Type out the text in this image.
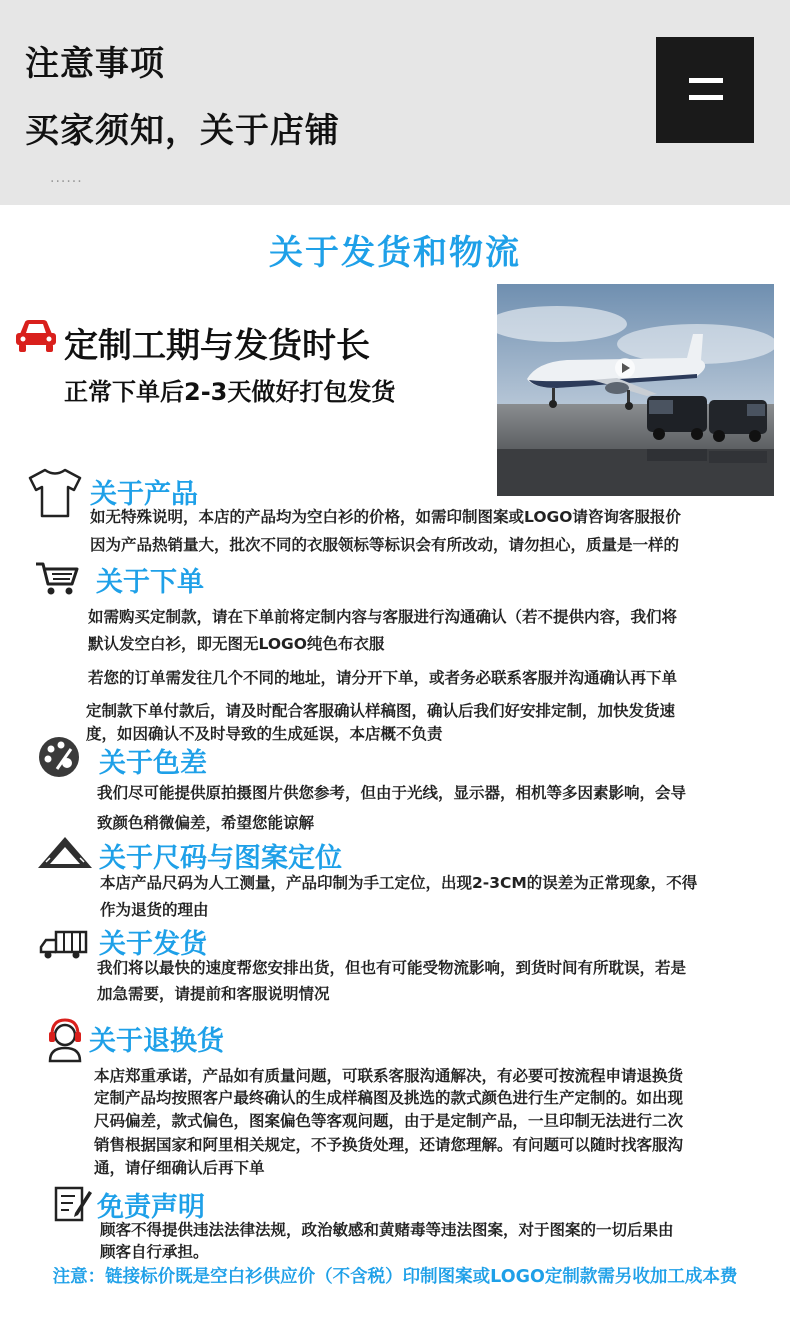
注意事项
买家须知，关于店铺
......
关于发货和物流
定制工期与发货时长
正常下单后2-3天做好打包发货
关于产品
如无特殊说明，本店的产品均为空白衫的价格，如需印制图案或LOGO请咨询客服报价
因为产品热销量大，批次不同的衣服领标等标识会有所改动，请勿担心，质量是一样的
关于下单
如需购买定制款，请在下单前将定制内容与客服进行沟通确认（若不提供内容，我们将
默认发空白衫，即无图无LOGO纯色布衣服
若您的订单需发往几个不同的地址，请分开下单，或者务必联系客服并沟通确认再下单
定制款下单付款后，请及时配合客服确认样稿图，确认后我们好安排定制，加快发货速
度，如因确认不及时导致的生成延误，本店概不负责
关于色差
我们尽可能提供原拍摄图片供您参考，但由于光线，显示器，相机等多因素影响，会导
致颜色稍微偏差，希望您能谅解
关于尺码与图案定位
本店产品尺码为人工测量，产品印制为手工定位，出现2-3CM的误差为正常现象，不得
作为退货的理由
关于发货
我们将以最快的速度帮您安排出货，但也有可能受物流影响，到货时间有所耽误，若是
加急需要，请提前和客服说明情况
关于退换货
本店郑重承诺，产品如有质量问题，可联系客服沟通解决，有必要可按流程申请退换货
定制产品均按照客户最终确认的生成样稿图及挑选的款式颜色进行生产定制的。如出现
尺码偏差，款式偏色，图案偏色等客观问题，由于是定制产品，一旦印制无法进行二次
销售根据国家和阿里相关规定，不予换货处理，还请您理解。有问题可以随时找客服沟
通，请仔细确认后再下单
免责声明
顾客不得提供违法法律法规，政治敏感和黄赌毒等违法图案，对于图案的一切后果由
顾客自行承担。
注意：链接标价既是空白衫供应价（不含税）印制图案或LOGO定制款需另收加工成本费
